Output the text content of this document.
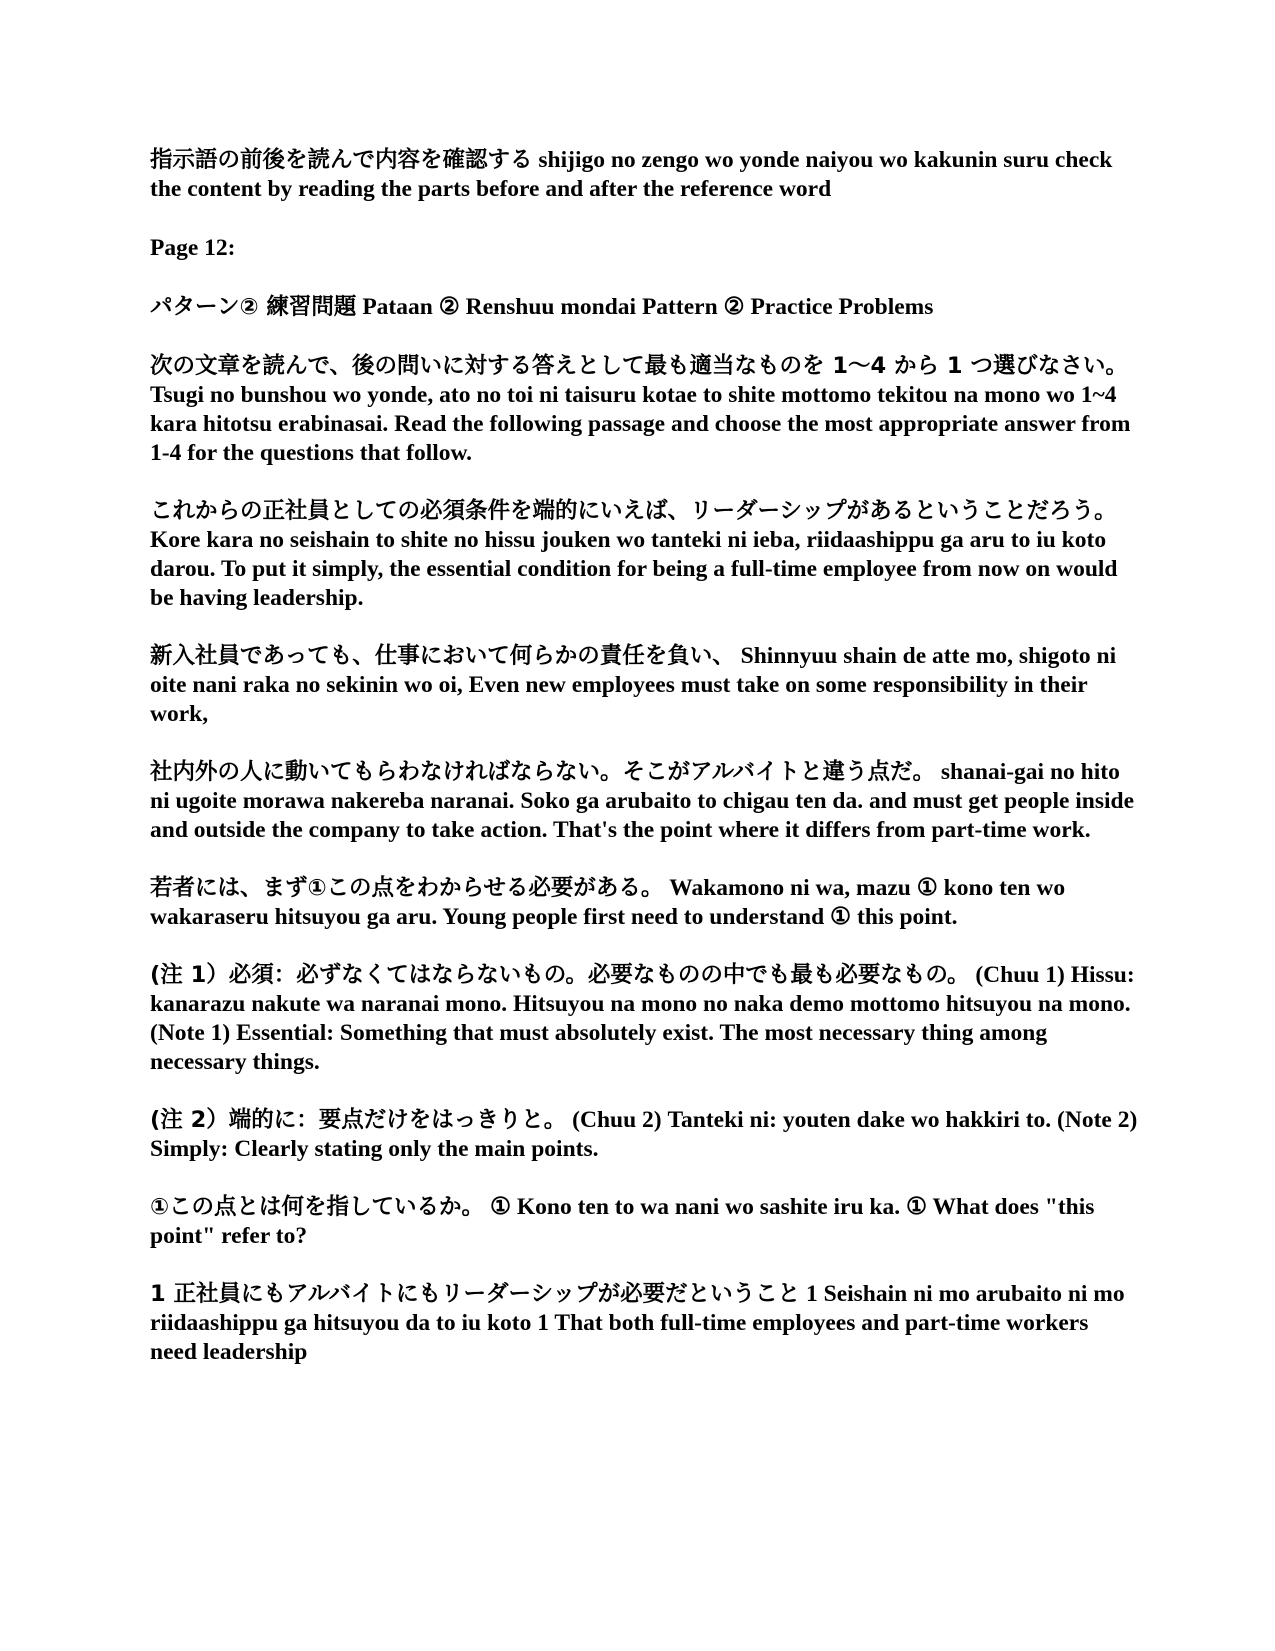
指示語の前後を読んで内容を確認する shijigo no zengo wo yonde naiyou wo kakunin suru check the content by reading the parts before and after the reference word

Page 12:

パターン② 練習問題 Pataan ② Renshuu mondai Pattern ② Practice Problems

次の文章を読んで、後の問いに対する答えとして最も適当なものを 1〜4 から 1 つ選びなさい。 Tsugi no bunshou wo yonde, ato no toi ni taisuru kotae to shite mottomo tekitou na mono wo 1~4 kara hitotsu erabinasai. Read the following passage and choose the most appropriate answer from 1-4 for the questions that follow.

これからの正社員としての必須条件を端的にいえば、リーダーシップがあるということだろう。 Kore kara no seishain to shite no hissu jouken wo tanteki ni ieba, riidaashippu ga aru to iu koto darou. To put it simply, the essential condition for being a full-time employee from now on would be having leadership.

新入社員であっても、仕事において何らかの責任を負い、 Shinnyuu shain de atte mo, shigoto ni oite nani raka no sekinin wo oi, Even new employees must take on some responsibility in their work,

社内外の人に動いてもらわなければならない。そこがアルバイトと違う点だ。 shanai-gai no hito ni ugoite morawa nakereba naranai. Soko ga arubaito to chigau ten da. and must get people inside and outside the company to take action. That's the point where it differs from part-time work.

若者には、まず①この点をわからせる必要がある。 Wakamono ni wa, mazu ① kono ten wo wakaraseru hitsuyou ga aru. Young people first need to understand ① this point.

(注 1）必須：必ずなくてはならないもの。必要なものの中でも最も必要なもの。 (Chuu 1) Hissu: kanarazu nakute wa naranai mono. Hitsuyou na mono no naka demo mottomo hitsuyou na mono. (Note 1) Essential: Something that must absolutely exist. The most necessary thing among necessary things.

(注 2）端的に：要点だけをはっきりと。 (Chuu 2) Tanteki ni: youten dake wo hakkiri to. (Note 2) Simply: Clearly stating only the main points.

①この点とは何を指しているか。 ① Kono ten to wa nani wo sashite iru ka. ① What does "this point" refer to?

1 正社員にもアルバイトにもリーダーシップが必要だということ 1 Seishain ni mo arubaito ni mo riidaashippu ga hitsuyou da to iu koto 1 That both full-time employees and part-time workers need leadership
